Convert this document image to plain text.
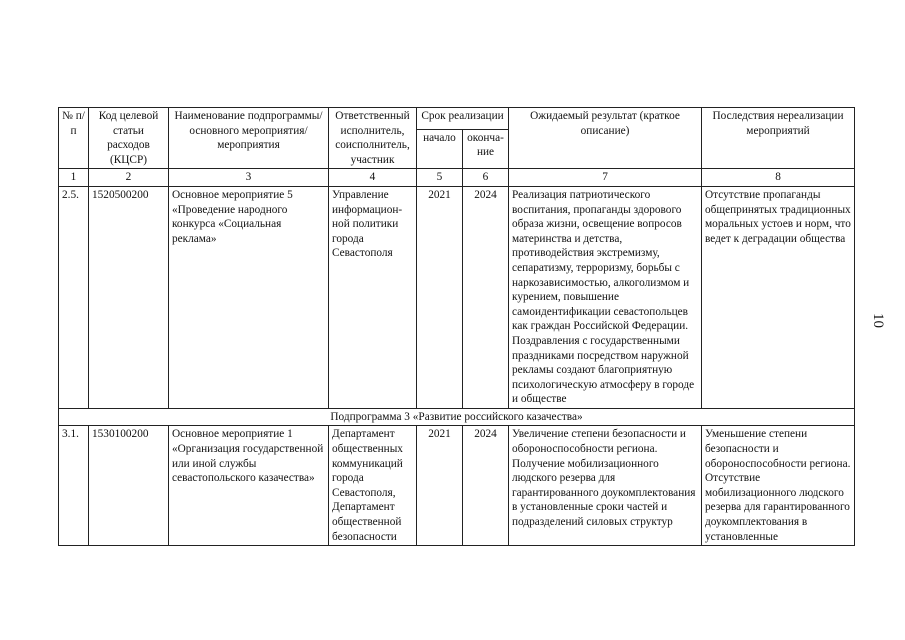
№ п/п	Код целевой статьи расходов (КЦСР)	Наименование подпрограммы/ основного мероприятия/ мероприятия	Ответственный исполнитель, соисполнитель, участник	Срок реализации		Ожидаемый результат (краткое описание)	Последствия нереализации мероприятий
				начало	оконча-ние		
1	2	3	4	5	6	7	8
2.5.	1520500200	Основное мероприятие 5 «Проведение народного конкурса «Социальная реклама»	Управление информацион-ной политики города Севастополя	2021	2024	Реализация патриотического воспитания, пропаганды здорового образа жизни, освещение вопросов материнства и детства, противодействия экстремизму, сепаратизму, терроризму, борьбы с наркозависимостью, алкоголизмом и курением, повышение самоидентификации севастопольцев как граждан Российской Федерации. Поздравления с государственными праздниками посредством наружной рекламы создают благоприятную психологическую атмосферу в городе и обществе	Отсутствие пропаганды общепринятых традиционных моральных устоев и норм, что ведет к деградации общества
Подпрограмма 3 «Развитие российского казачества»							
3.1.	1530100200	Основное мероприятие 1 «Организация государственной или иной службы севастопольского казачества»	Департамент общественных коммуникаций города Севастополя, Департамент общественной безопасности	2021	2024	Увеличение степени безопасности и обороноспособности региона. Получение мобилизационного людского резерва для гарантированного доукомплектования в установленные сроки частей и подразделений силовых структур	Уменьшение степени безопасности и обороноспособности региона. Отсутствие мобилизационного людского резерва для гарантированного доукомплектования в установленные
10
